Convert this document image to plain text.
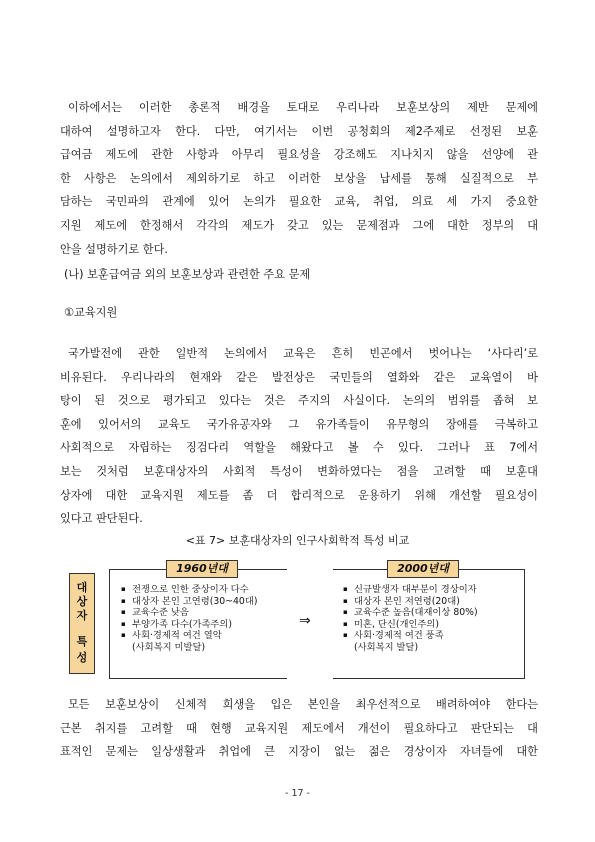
이하에서는 이러한 총론적 배경을 토대로 우리나라 보훈보상의 제반 문제에
대하여 설명하고자 한다. 다만, 여기서는 이번 공청회의 제2주제로 선정된 보훈
급여금 제도에 관한 사항과 아무리 필요성을 강조해도 지나치지 않을 선양에 관
한 사항은 논의에서 제외하기로 하고 이러한 보상을 납세를 통해 실질적으로 부
담하는 국민파의 관계에 있어 논의가 필요한 교육, 취업, 의료 세 가지 중요한
지원 제도에 한정해서 각각의 제도가 갖고 있는 문제점과 그에 대한 정부의 대
안을 설명하기로 한다.

(나) 보훈급여금 외의 보훈보상과 관련한 주요 문제

①교육지원

국가발전에 관한 일반적 논의에서 교육은 흔히 빈곤에서 벗어나는 ‘사다리’로
비유된다. 우리나라의 현재와 같은 발전상은 국민들의 열화와 같은 교육열이 바
탕이 된 것으로 평가되고 있다는 것은 주지의 사실이다. 논의의 범위를 좁혀 보
훈에 있어서의 교육도 국가유공자와 그 유가족들이 유무형의 장애를 극복하고
사회적으로 자립하는 징검다리 역할을 해왔다고 볼 수 있다. 그러나 표 7에서
보는 것처럼 보훈대상자의 사회적 특성이 변화하였다는 점을 고려할 때 보훈대
상자에 대한 교육지원 제도를 좀 더 합리적으로 운용하기 위해 개선할 필요성이
있다고 판단된다.

<표 7> 보훈대상자의 인구사회학적 특성 비교

대
상
자
특
성
1960년대
▪ 전쟁으로 인한 중상이자 다수
▪ 대상자 본인 고연령(30~40대)
▪ 교육수준 낮음
▪ 부양가족 다수(가족주의)
▪ 사회·경제적 여건 열악
(사회복지 미발달)
⇒
2000년대
▪ 신규발생자 대부분이 경상이자
▪ 대상자 본인 저연령(20대)
▪ 교육수준 높음(대재이상 80%)
▪ 미혼, 단신(개인주의)
▪ 사회·경제적 여건 풍족
(사회복지 발달)
모든 보훈보상이 신체적 희생을 입은 본인을 최우선적으로 배려하여야 한다는
근본 취지를 고려할 때 현행 교육지원 제도에서 개선이 필요하다고 판단되는 대
표적인 문제는 일상생활과 취업에 큰 지장이 없는 젊은 경상이자 자녀들에 대한
- 17 -
